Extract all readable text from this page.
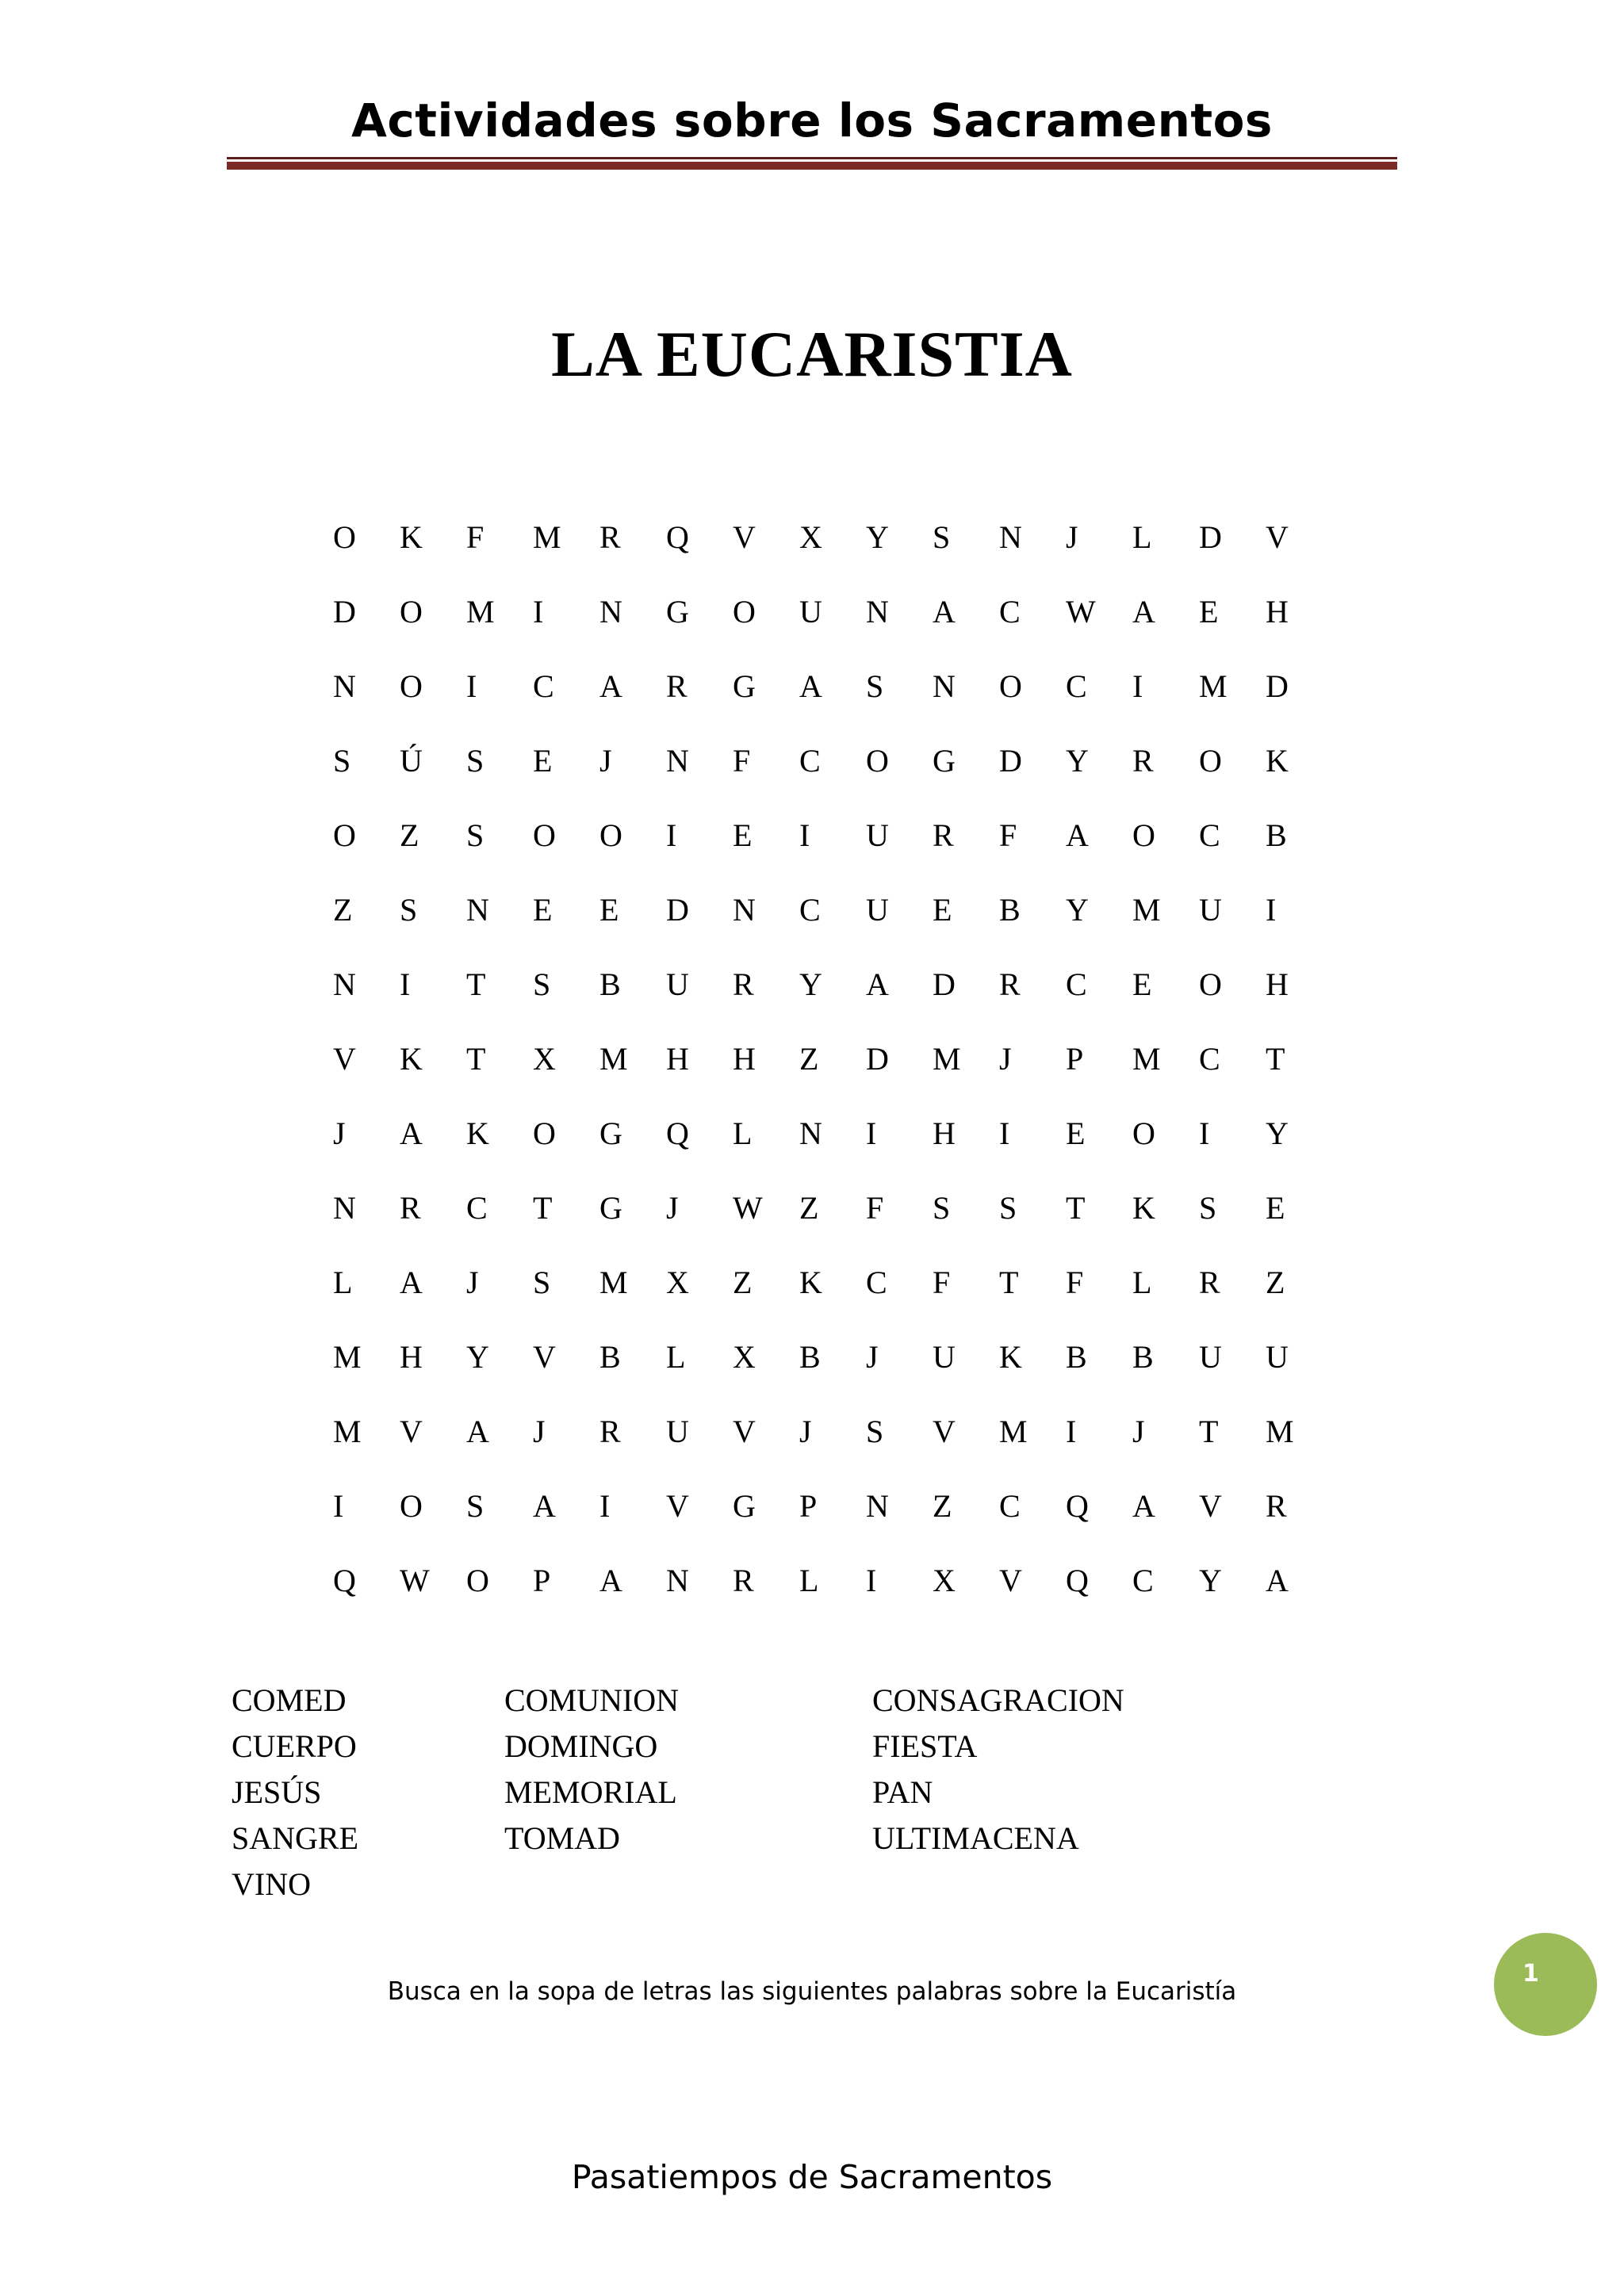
Actividades sobre los Sacramentos
LA EUCARISTIA
O	K	F	M	R	Q	V	X	Y	S	N	J	L	D	V
D	O	M	I	N	G	O	U	N	A	C	W	A	E	H
N	O	I	C	A	R	G	A	S	N	O	C	I	M	D
S	Ú	S	E	J	N	F	C	O	G	D	Y	R	O	K
O	Z	S	O	O	I	E	I	U	R	F	A	O	C	B
Z	S	N	E	E	D	N	C	U	E	B	Y	M	U	I
N	I	T	S	B	U	R	Y	A	D	R	C	E	O	H
V	K	T	X	M	H	H	Z	D	M	J	P	M	C	T
J	A	K	O	G	Q	L	N	I	H	I	E	O	I	Y
N	R	C	T	G	J	W	Z	F	S	S	T	K	S	E
L	A	J	S	M	X	Z	K	C	F	T	F	L	R	Z
M	H	Y	V	B	L	X	B	J	U	K	B	B	U	U
M	V	A	J	R	U	V	J	S	V	M	I	J	T	M
I	O	S	A	I	V	G	P	N	Z	C	Q	A	V	R
Q	W	O	P	A	N	R	L	I	X	V	Q	C	Y	A
COMED	COMUNION	CONSAGRACION
CUERPO	DOMINGO	FIESTA
JESÚS	MEMORIAL	PAN
SANGRE	TOMAD	ULTIMACENA
VINO
Busca en la sopa de letras las siguientes palabras sobre la Eucaristía
1
Pasatiempos de Sacramentos
